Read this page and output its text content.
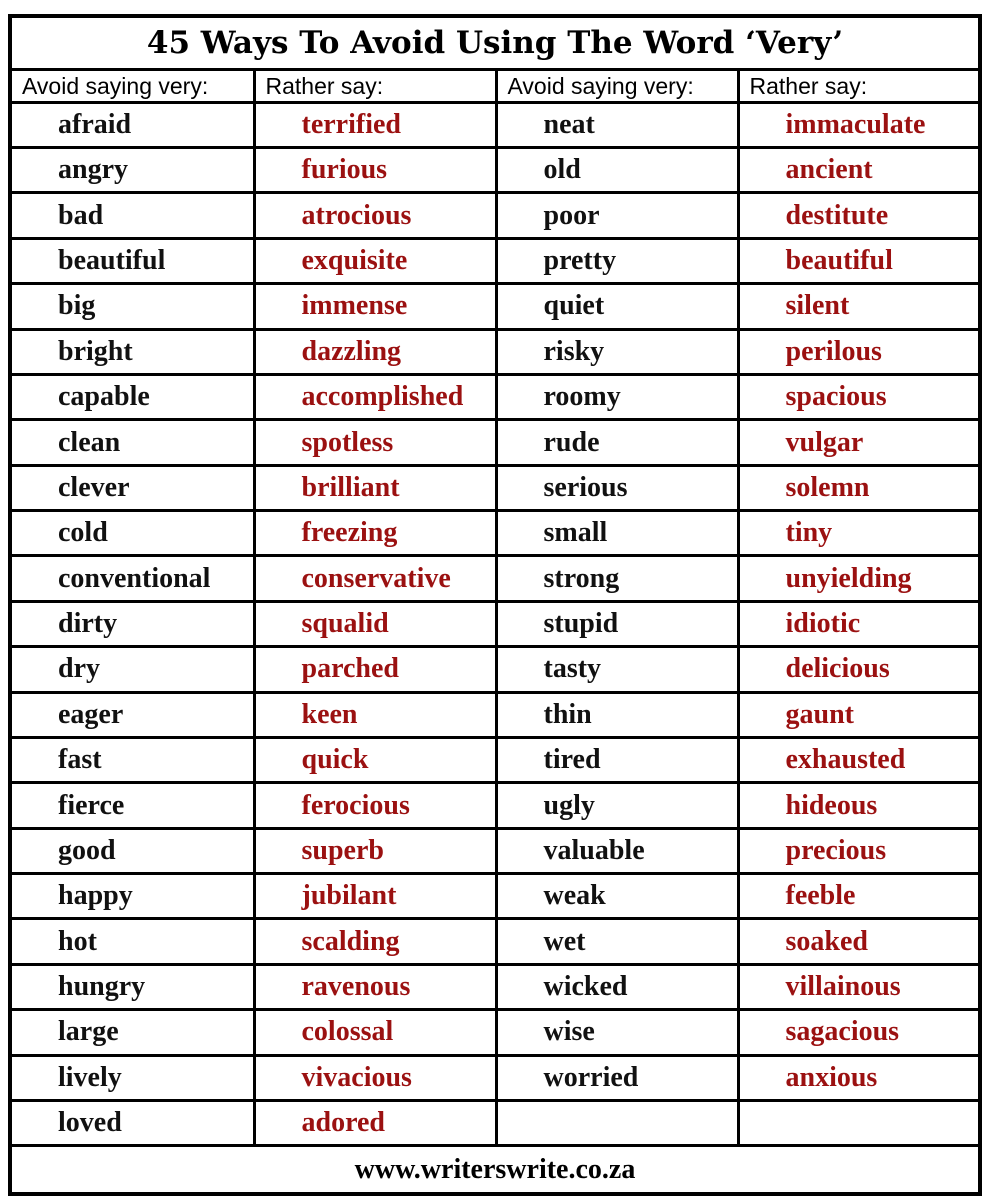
45 Ways To Avoid Using The Word ‘Very’			
Avoid saying very:	Rather say:	Avoid saying very:	Rather say:
afraid	terrified	neat	immaculate
angry	furious	old	ancient
bad	atrocious	poor	destitute
beautiful	exquisite	pretty	beautiful
big	immense	quiet	silent
bright	dazzling	risky	perilous
capable	accomplished	roomy	spacious
clean	spotless	rude	vulgar
clever	brilliant	serious	solemn
cold	freezing	small	tiny
conventional	conservative	strong	unyielding
dirty	squalid	stupid	idiotic
dry	parched	tasty	delicious
eager	keen	thin	gaunt
fast	quick	tired	exhausted
fierce	ferocious	ugly	hideous
good	superb	valuable	precious
happy	jubilant	weak	feeble
hot	scalding	wet	soaked
hungry	ravenous	wicked	villainous
large	colossal	wise	sagacious
lively	vivacious	worried	anxious
loved	adored		
www.writerswrite.co.za			
